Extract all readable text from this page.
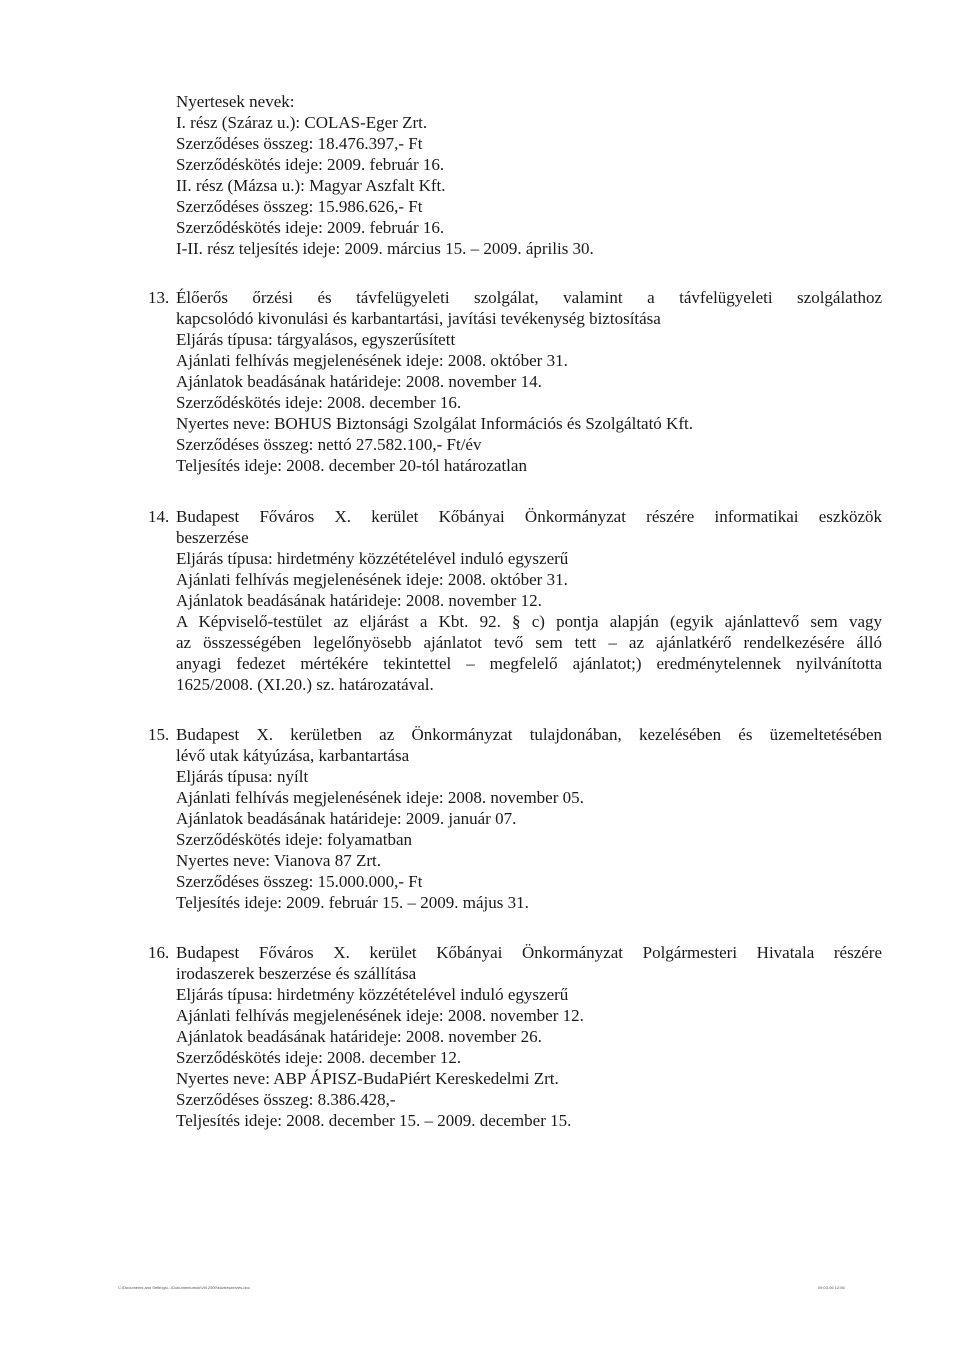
Nyertesek nevek:
I. rész (Száraz u.): COLAS-Eger Zrt.
Szerződéses összeg: 18.476.397,- Ft
Szerződéskötés ideje: 2009. február 16.
II. rész (Mázsa u.): Magyar Aszfalt Kft.
Szerződéses összeg: 15.986.626,- Ft
Szerződéskötés ideje: 2009. február 16.
I-II. rész teljesítés ideje: 2009. március 15. – 2009. április 30.
13. Élőerős őrzési és távfelügyeleti szolgálat, valamint a távfelügyeleti szolgálathoz
kapcsolódó kivonulási és karbantartási, javítási tevékenység biztosítása
Eljárás típusa: tárgyalásos, egyszerűsített
Ajánlati felhívás megjelenésének ideje: 2008. október 31.
Ajánlatok beadásának határideje: 2008. november 14.
Szerződéskötés ideje: 2008. december 16.
Nyertes neve: BOHUS Biztonsági Szolgálat Információs és Szolgáltató Kft.
Szerződéses összeg: nettó 27.582.100,- Ft/év
Teljesítés ideje: 2008. december 20-tól határozatlan
14. Budapest Főváros X. kerület Kőbányai Önkormányzat részére informatikai eszközök
beszerzése
Eljárás típusa: hirdetmény közzétételével induló egyszerű
Ajánlati felhívás megjelenésének ideje: 2008. október 31.
Ajánlatok beadásának határideje: 2008. november 12.
A Képviselő-testület az eljárást a Kbt. 92. § c) pontja alapján (egyik ajánlattevő sem vagy
az összességében legelőnyösebb ajánlatot tevő sem tett – az ajánlatkérő rendelkezésére álló
anyagi fedezet mértékére tekintettel – megfelelő ajánlatot;) eredménytelennek nyilvánította
1625/2008. (XI.20.) sz. határozatával.
15. Budapest X. kerületben az Önkormányzat tulajdonában, kezelésében és üzemeltetésében
lévő utak kátyúzása, karbantartása
Eljárás típusa: nyílt
Ajánlati felhívás megjelenésének ideje: 2008. november 05.
Ajánlatok beadásának határideje: 2009. január 07.
Szerződéskötés ideje: folyamatban
Nyertes neve: Vianova 87 Zrt.
Szerződéses összeg: 15.000.000,- Ft
Teljesítés ideje: 2009. február 15. – 2009. május 31.
16. Budapest Főváros X. kerület Kőbányai Önkormányzat Polgármesteri Hivatala részére
irodaszerek beszerzése és szállítása
Eljárás típusa: hirdetmény közzétételével induló egyszerű
Ajánlati felhívás megjelenésének ideje: 2008. november 12.
Ajánlatok beadásának határideje: 2008. november 26.
Szerződéskötés ideje: 2008. december 12.
Nyertes neve: ABP ÁPISZ-BudaPiért Kereskedelmi Zrt.
Szerződéses összeg: 8.386.428,-
Teljesítés ideje: 2008. december 15. – 2009. december 15.
C:\Documents and Settings\...\Dokumentumok\Vill 2009\közbeszerzés.doc	09.03.06 12:56
